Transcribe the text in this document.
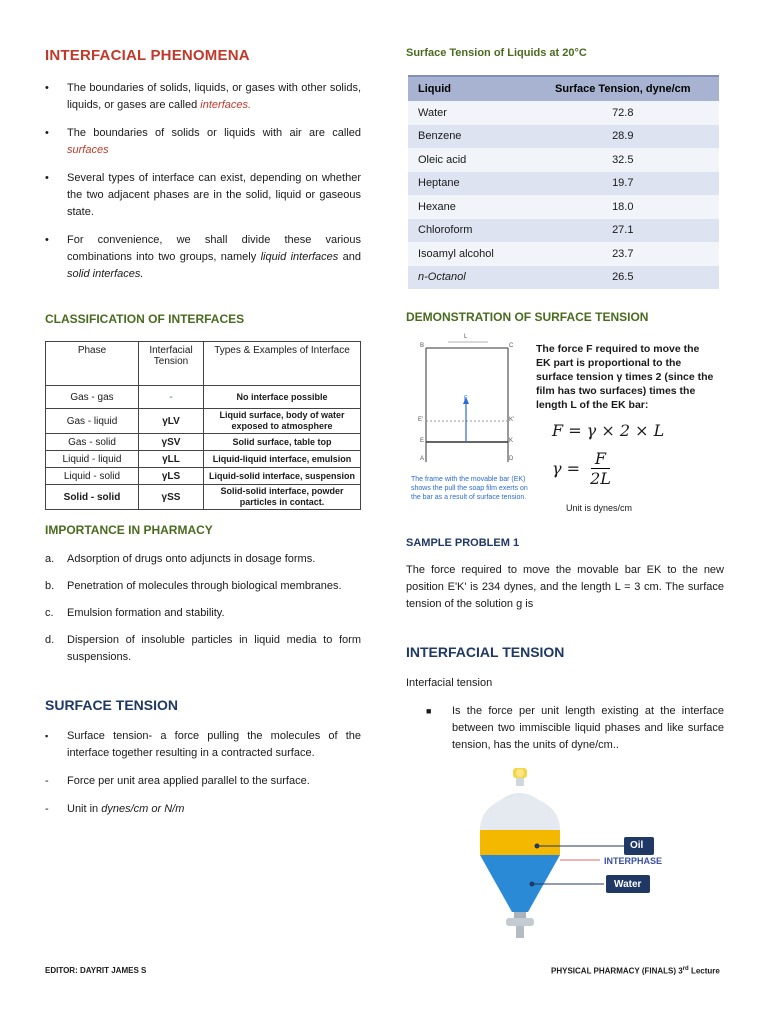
INTERFACIAL PHENOMENA
•	The boundaries of solids, liquids, or gases with other solids, liquids, or gases are called interfaces.
•	The boundaries of solids or liquids with air are called surfaces
•	Several types of interface can exist, depending on whether the two adjacent phases are in the solid, liquid or gaseous state.
•	For convenience, we shall divide these various combinations into two groups, namely liquid interfaces and solid interfaces.
CLASSIFICATION OF INTERFACES
Phase	Interfacial Tension	Types & Examples of Interface
Gas - gas	-	No interface possible
Gas - liquid	γLV	Liquid surface, body of water exposed to atmosphere
Gas - solid	γSV	Solid surface, table top
Liquid - liquid	γLL	Liquid-liquid interface, emulsion
Liquid - solid	γLS	Liquid-solid interface, suspension
Solid - solid	γSS	Solid-solid interface, powder particles in contact.
IMPORTANCE IN PHARMACY
a.	Adsorption of drugs onto adjuncts in dosage forms.
b.	Penetration of molecules through biological membranes.
c.	Emulsion formation and stability.
d.	Dispersion of insoluble particles in liquid media to form suspensions.
SURFACE TENSION
▪	Surface tension- a force pulling the molecules of the interface together resulting in a contracted surface.
-	Force per unit area applied parallel to the surface.
-	Unit in dynes/cm or N/m
Surface Tension of Liquids at 20°C
Liquid	Surface Tension, dyne/cm
Water	72.8
Benzene	28.9
Oleic acid	32.5
Heptane	19.7
Hexane	18.0
Chloroform	27.1
Isoamyl alcohol	23.7
n-Octanol	26.5
DEMONSTRATION OF SURFACE TENSION
B	C
L
E'	K'
E	K
A	D
F
The frame with the movable bar (EK) shows the pull the soap film exerts on the bar as a result of surface tension.
The force F required to move the EK part is proportional to the surface tension γ times 2 (since the film has two surfaces) times the length L of the EK bar:
F = γ × 2 × L
$\gamma = \frac{F}{2L}$
Unit is dynes/cm
SAMPLE PROBLEM 1
The force required to move the movable bar EK to the new position E'K' is 234 dynes, and the length L = 3 cm. The surface tension of the solution g is
INTERFACIAL TENSION
Interfacial tension
■	Is the force per unit length existing at the interface between two immiscible liquid phases and like surface tension, has the units of dyne/cm..
Oil
INTERPHASE
Water
EDITOR: DAYRIT JAMES S	PHYSICAL PHARMACY (FINALS) 3rd Lecture
